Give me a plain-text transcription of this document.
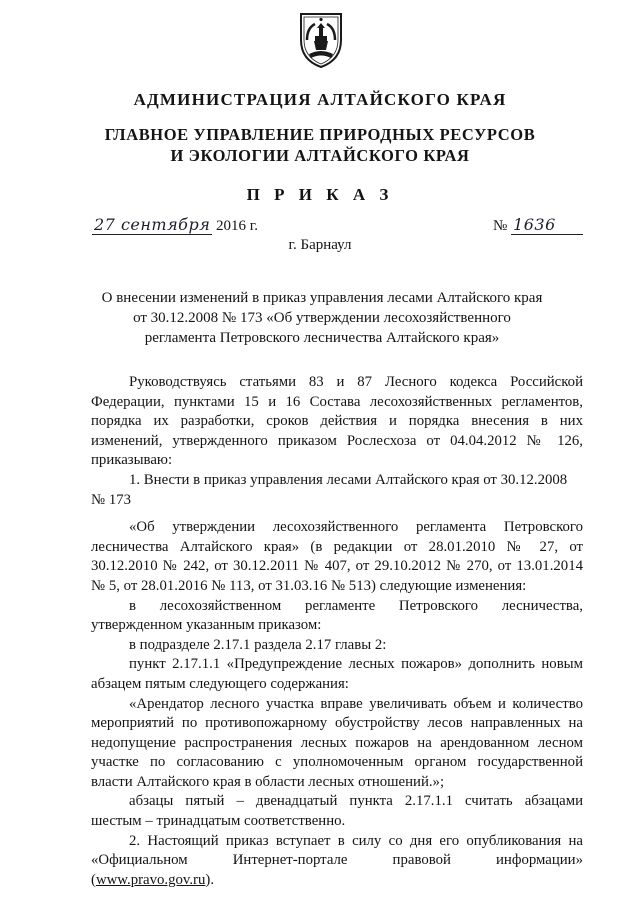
АДМИНИСТРАЦИЯ АЛТАЙСКОГО КРАЯ
ГЛАВНОЕ УПРАВЛЕНИЕ ПРИРОДНЫХ РЕСУРСОВ
И ЭКОЛОГИИ АЛТАЙСКОГО КРАЯ
П Р И К А З
27 сентября 2016 г.	№ 1636
г. Барнаул
О внесении изменений в приказ управления лесами Алтайского края
от 30.12.2008 № 173 «Об утверждении лесохозяйственного
регламента Петровского лесничества Алтайского края»
Руководствуясь статьями 83 и 87 Лесного кодекса Российской
Федерации, пунктами 15 и 16 Состава лесохозяйственных регламентов,
порядка их разработки, сроков действия и порядка внесения в них
изменений, утвержденного приказом Рослесхоза от 04.04.2012 № 126,
приказываю:
1. Внести в приказ управления лесами Алтайского края от 30.12.2008
№ 173
«Об утверждении лесохозяйственного регламента Петровского
лесничества Алтайского края» (в редакции от 28.01.2010 № 27, от
30.12.2010 № 242, от 30.12.2011 № 407, от 29.10.2012 № 270, от 13.01.2014
№ 5, от 28.01.2016 № 113, от 31.03.16 № 513) следующие изменения:
в лесохозяйственном регламенте Петровского лесничества,
утвержденном указанным приказом:
в подразделе 2.17.1 раздела 2.17 главы 2:
пункт 2.17.1.1 «Предупреждение лесных пожаров» дополнить новым
абзацем пятым следующего содержания:
«Арендатор лесного участка вправе увеличивать объем и количество
мероприятий по противопожарному обустройству лесов направленных на
недопущение распространения лесных пожаров на арендованном лесном
участке по согласованию с уполномоченным органом государственной
власти Алтайского края в области лесных отношений.»;
абзацы пятый – двенадцатый пункта 2.17.1.1 считать абзацами
шестым – тринадцатым соответственно.
2. Настоящий приказ вступает в силу со дня его опубликования на
«Официальном Интернет-портале правовой информации»
(www.pravo.gov.ru).
